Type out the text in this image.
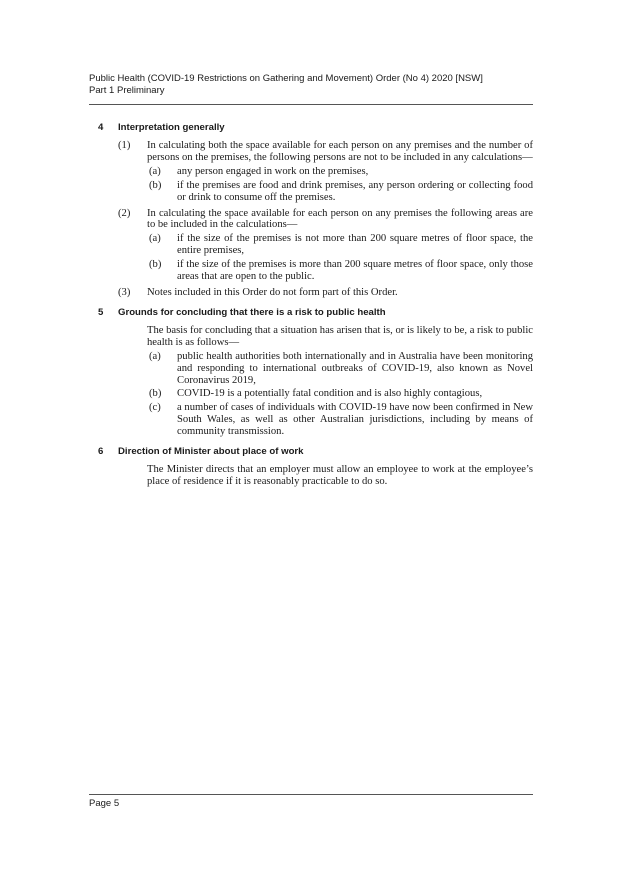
Public Health (COVID-19 Restrictions on Gathering and Movement) Order (No 4) 2020 [NSW]
Part 1 Preliminary
4 Interpretation generally
(1) In calculating both the space available for each person on any premises and the number of persons on the premises, the following persons are not to be included in any calculations—
(a) any person engaged in work on the premises,
(b) if the premises are food and drink premises, any person ordering or collecting food or drink to consume off the premises.
(2) In calculating the space available for each person on any premises the following areas are to be included in the calculations—
(a) if the size of the premises is not more than 200 square metres of floor space, the entire premises,
(b) if the size of the premises is more than 200 square metres of floor space, only those areas that are open to the public.
(3) Notes included in this Order do not form part of this Order.
5 Grounds for concluding that there is a risk to public health
The basis for concluding that a situation has arisen that is, or is likely to be, a risk to public health is as follows—
(a) public health authorities both internationally and in Australia have been monitoring and responding to international outbreaks of COVID-19, also known as Novel Coronavirus 2019,
(b) COVID-19 is a potentially fatal condition and is also highly contagious,
(c) a number of cases of individuals with COVID-19 have now been confirmed in New South Wales, as well as other Australian jurisdictions, including by means of community transmission.
6 Direction of Minister about place of work
The Minister directs that an employer must allow an employee to work at the employee’s place of residence if it is reasonably practicable to do so.
Page 5
